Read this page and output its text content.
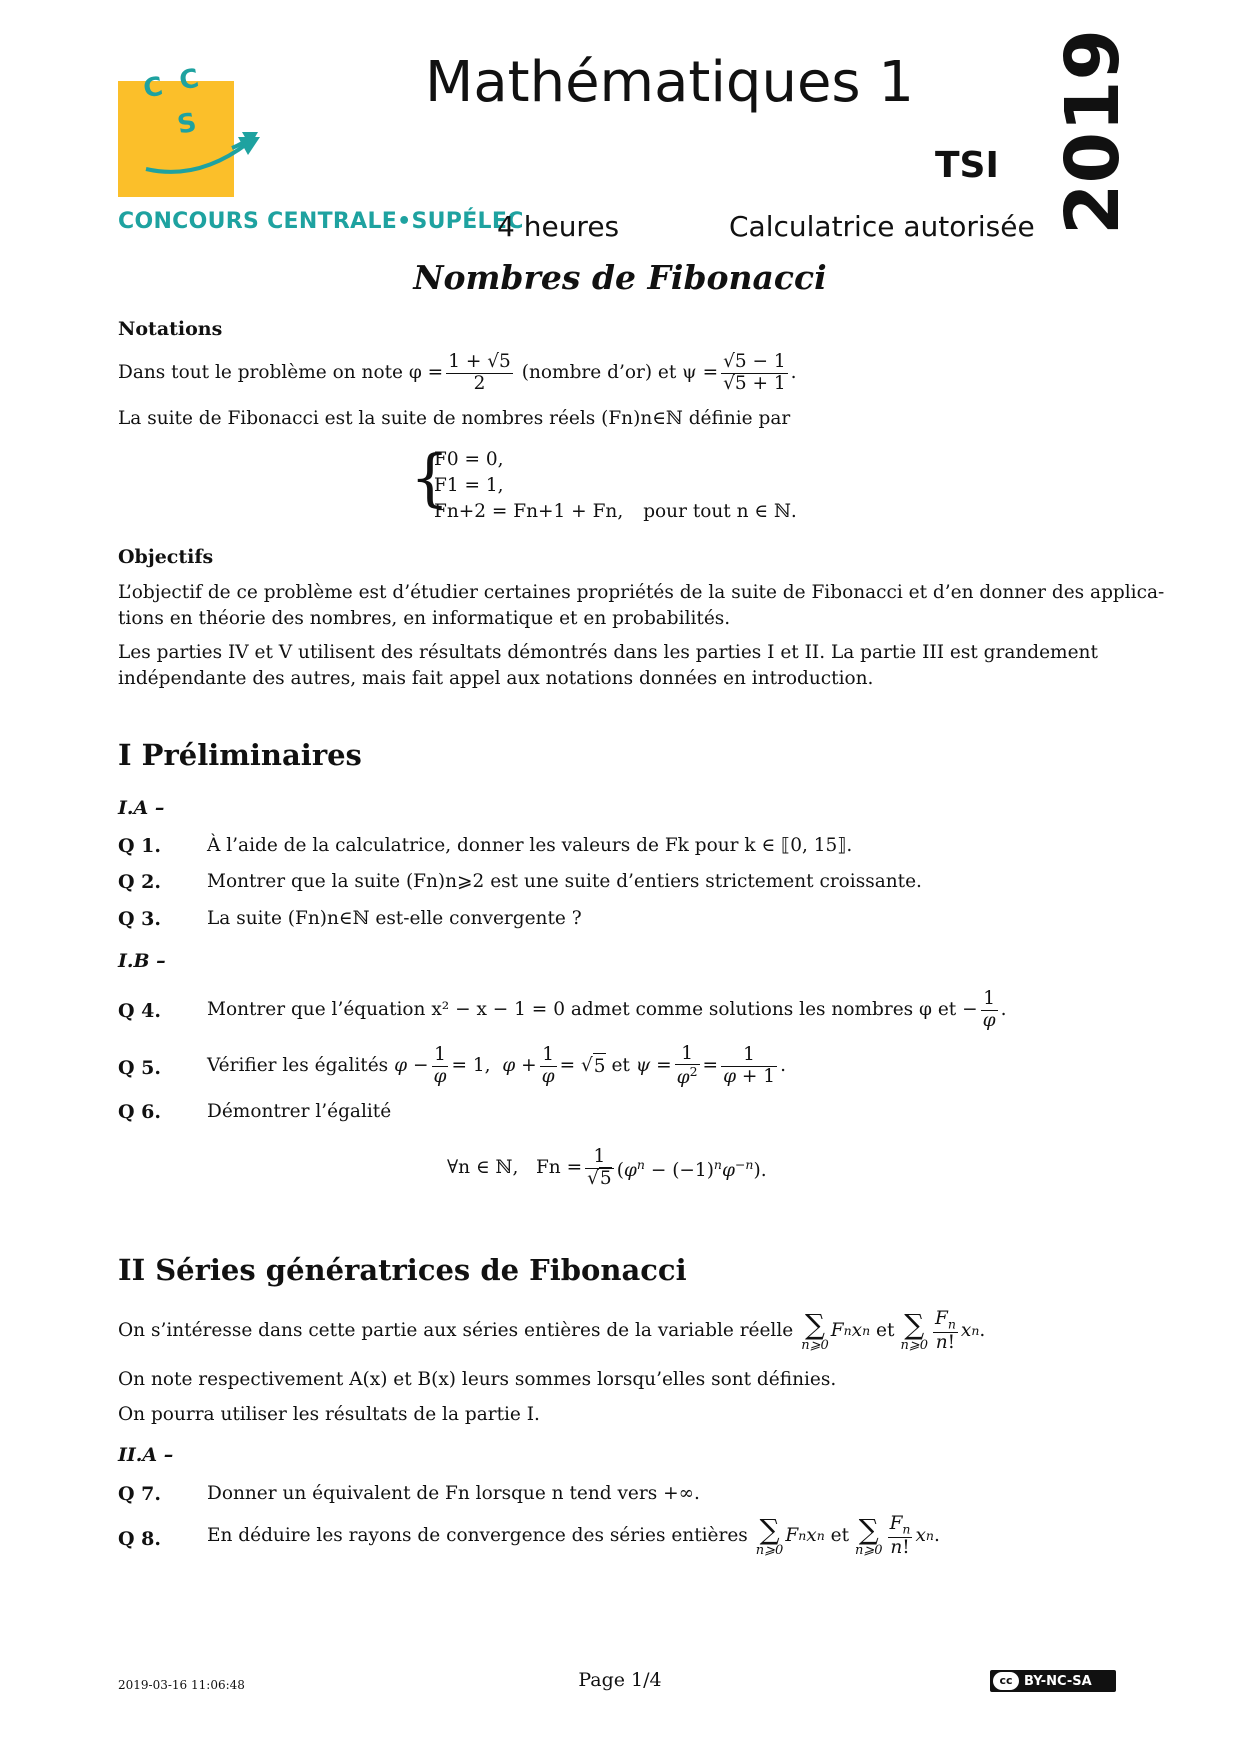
C C
S
CONCOURS CENTRALE•SUPÉLEC
Mathématiques 1
TSI
4 heures	Calculatrice autorisée 2019
Nombres de Fibonacci
Notations
Dans tout le problème on note $\varphi = \frac{1 + √5}{2}$ (nombre d’or) et $\psi = \frac{√5 - 1}{√5 + 1}$ .
La suite de Fibonacci est la suite de nombres réels (Fn)n∈ℕ définie par
{
F0 = 0,
F1 = 1,
Fn+2 = Fn+1 + Fn, pour tout n ∈ ℕ.
Objectifs
L’objectif de ce problème est d’étudier certaines propriétés de la suite de Fibonacci et d’en donner des applica-
tions en théorie des nombres, en informatique et en probabilités.
Les parties IV et V utilisent des résultats démontrés dans les parties I et II. La partie III est grandement
indépendante des autres, mais fait appel aux notations données en introduction.
I Préliminaires
I.A –
Q 1. À l’aide de la calculatrice, donner les valeurs de Fk pour k ∈ ⟦0, 15⟧.
Q 2. Montrer que la suite (Fn)n⩾2 est une suite d’entiers strictement croissante.
Q 3. La suite (Fn)n∈ℕ est-elle convergente ?
I.B –
Q 4. Montrer que l’équation x² − x − 1 = 0 admet comme solutions les nombres φ et − $\frac{1}{\varphi}$ .
Q 5. Vérifier les égalités $\varphi - \frac{1}{\varphi} = 1$, $\varphi + \frac{1}{\varphi}$ = √ 5 et $\psi = \frac{1}{\varphi^2} = \frac{1}{\varphi + 1}$ .
Q 6. Démontrer l’égalité
∀n ∈ ℕ,   $Fn = \frac{1}{√5} (\varphi^n - (-1)^n\varphi^{-n})$.
II Séries génératrices de Fibonacci
On s’intéresse dans cette partie aux séries entières de la variable réelle ∑
n⩾0
F n x n et ∑
n⩾0 $\frac{F_n}{n!}$ x n .
On note respectivement A(x) et B(x) leurs sommes lorsqu’elles sont définies.
On pourra utiliser les résultats de la partie I.
II.A –
Q 7. Donner un équivalent de Fn lorsque n tend vers +∞.
Q 8. En déduire les rayons de convergence des séries entières ∑
n⩾0
F n x n et ∑
n⩾0 $\frac{F_n}{n!}$ x n .
2019-03-16 11:06:48	Page 1/4	cc BY-NC-SA
